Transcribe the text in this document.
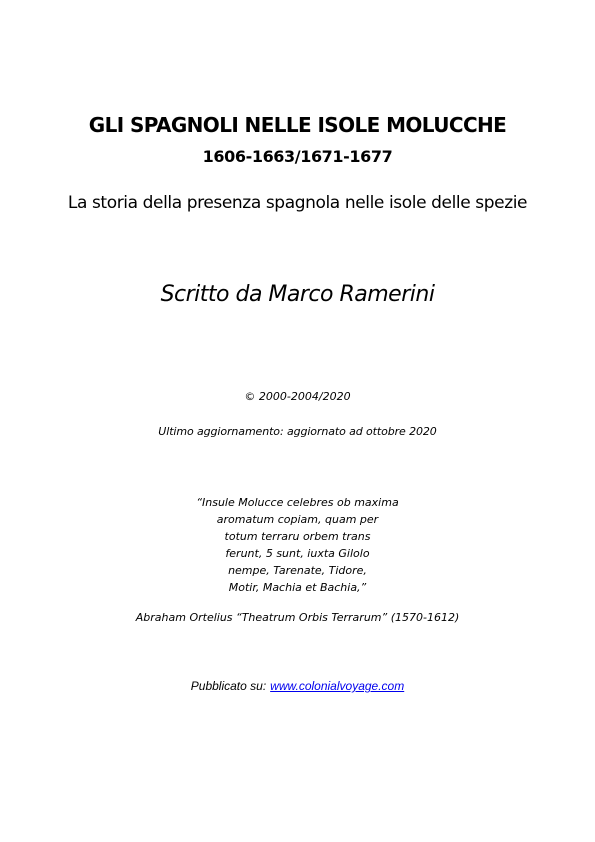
GLI SPAGNOLI NELLE ISOLE MOLUCCHE
1606-1663/1671-1677
La storia della presenza spagnola nelle isole delle spezie
Scritto da Marco Ramerini
© 2000-2004/2020
Ultimo aggiornamento: aggiornato ad ottobre 2020
“Insule Molucce celebres ob maxima
aromatum copiam, quam per
totum terraru orbem trans
ferunt, 5 sunt, iuxta Gilolo
nempe, Tarenate, Tidore,
Motir, Machia et Bachia,”
Abraham Ortelius “Theatrum Orbis Terrarum” (1570-1612)
Pubblicato su: www.colonialvoyage.com
